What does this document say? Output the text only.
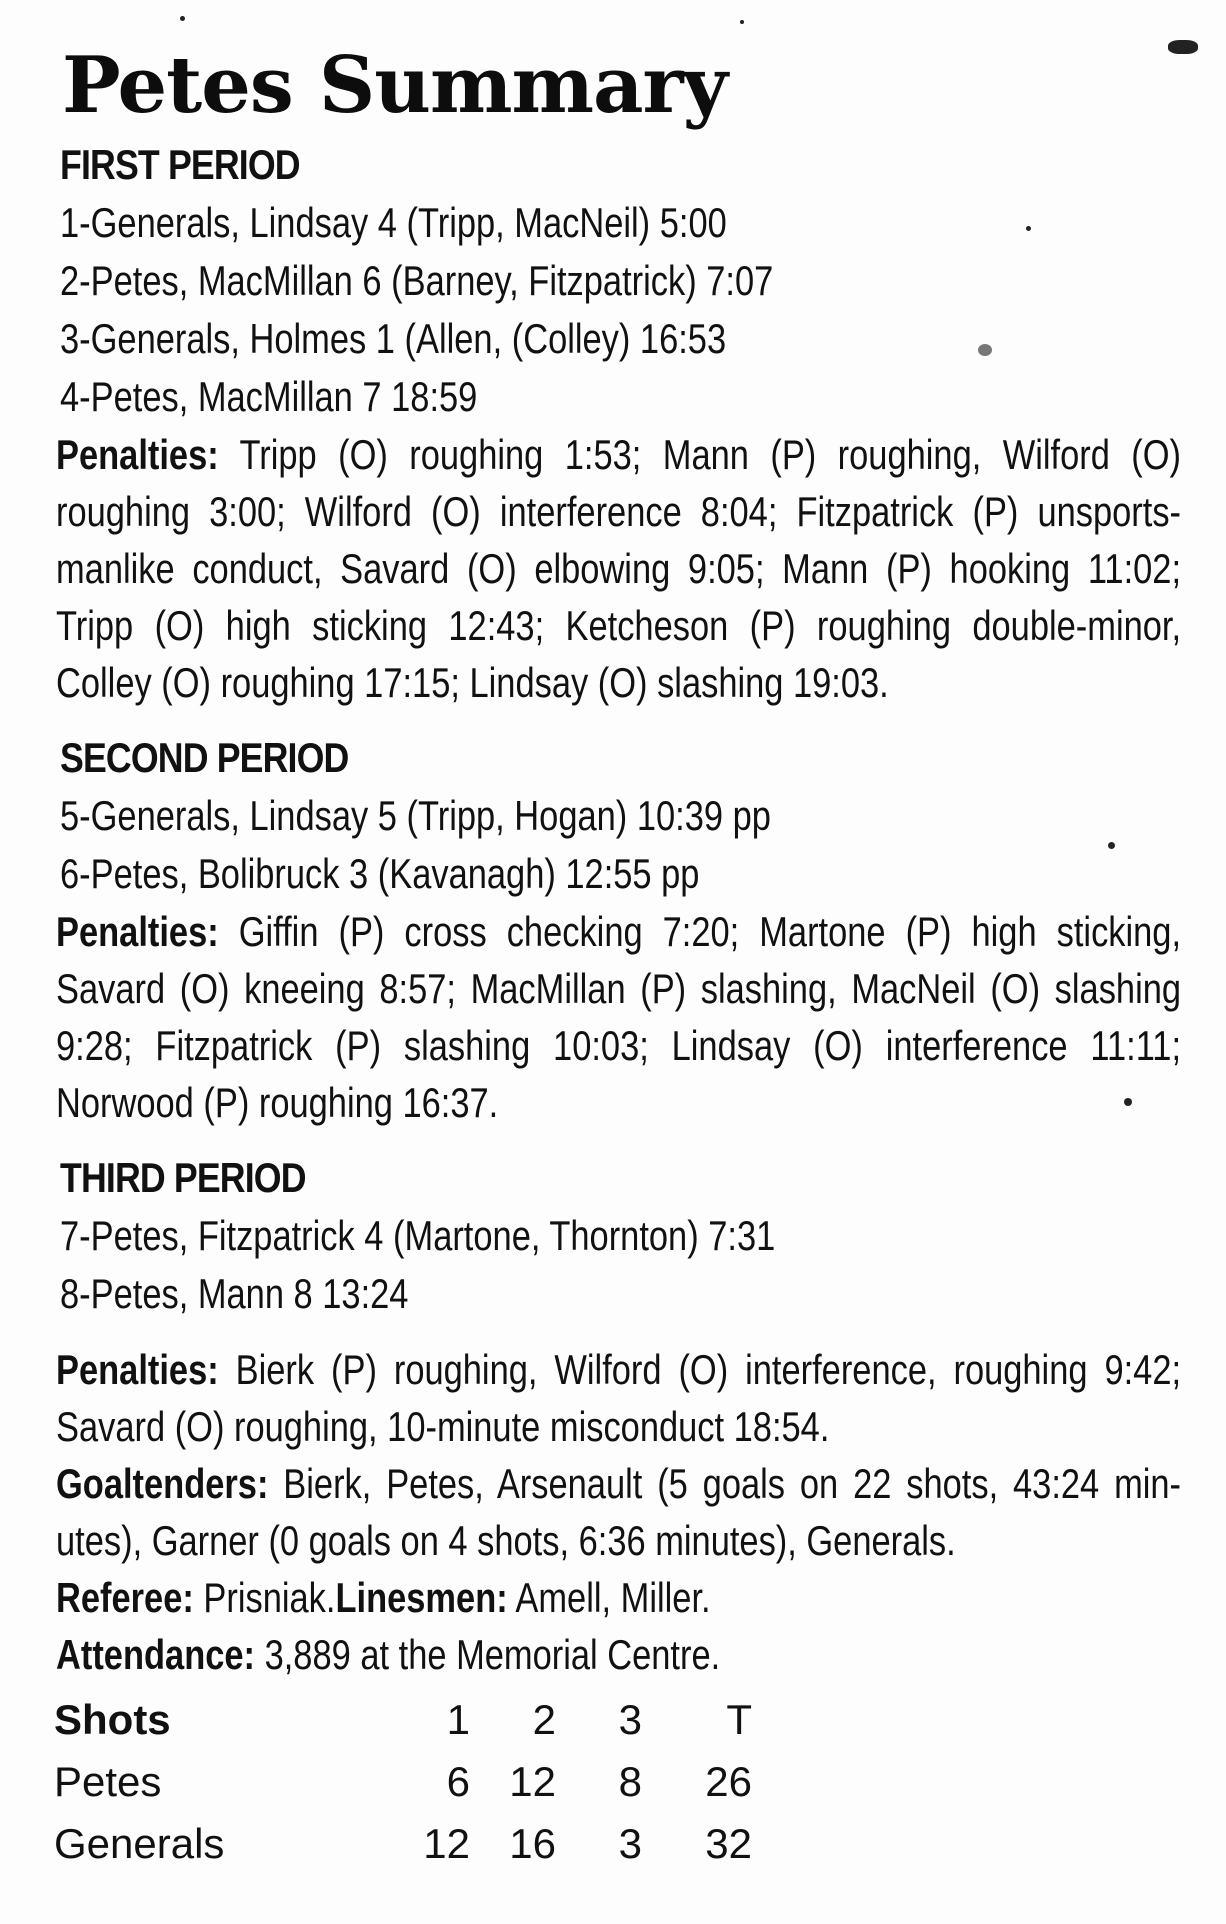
Petes Summary
FIRST PERIOD
1-Generals, Lindsay 4 (Tripp, MacNeil) 5:00
2-Petes, MacMillan 6 (Barney, Fitzpatrick) 7:07
3-Generals, Holmes 1 (Allen, (Colley) 16:53
4-Petes, MacMillan 7 18:59

Penalties: Tripp (O) roughing 1:53; Mann (P) roughing, Wilford (O) roughing 3:00; Wilford (O) interference 8:04; Fitzpatrick (P) unsports-manlike conduct, Savard (O) elbowing 9:05; Mann (P) hooking 11:02; Tripp (O) high sticking 12:43; Ketcheson (P) roughing double-minor, Colley (O) roughing 17:15; Lindsay (O) slashing 19:03.

SECOND PERIOD
5-Generals, Lindsay 5 (Tripp, Hogan) 10:39 pp
6-Petes, Bolibruck 3 (Kavanagh) 12:55 pp

Penalties: Giffin (P) cross checking 7:20; Martone (P) high sticking, Savard (O) kneeing 8:57; MacMillan (P) slashing, MacNeil (O) slashing 9:28; Fitzpatrick (P) slashing 10:03; Lindsay (O) interference 11:11; Norwood (P) roughing 16:37.

THIRD PERIOD
7-Petes, Fitzpatrick 4 (Martone, Thornton) 7:31
8-Petes, Mann 8 13:24

Penalties: Bierk (P) roughing, Wilford (O) interference, roughing 9:42; Savard (O) roughing, 10-minute misconduct 18:54.

Goaltenders: Bierk, Petes, Arsenault (5 goals on 22 shots, 43:24 min-utes), Garner (0 goals on 4 shots, 6:36 minutes), Generals.

Referee: Prisniak.Linesmen: Amell, Miller.

Attendance: 3,889 at the Memorial Centre.

Shots	1	2	3	T
Petes	6	12	8	26
Generals	12	16	3	32
